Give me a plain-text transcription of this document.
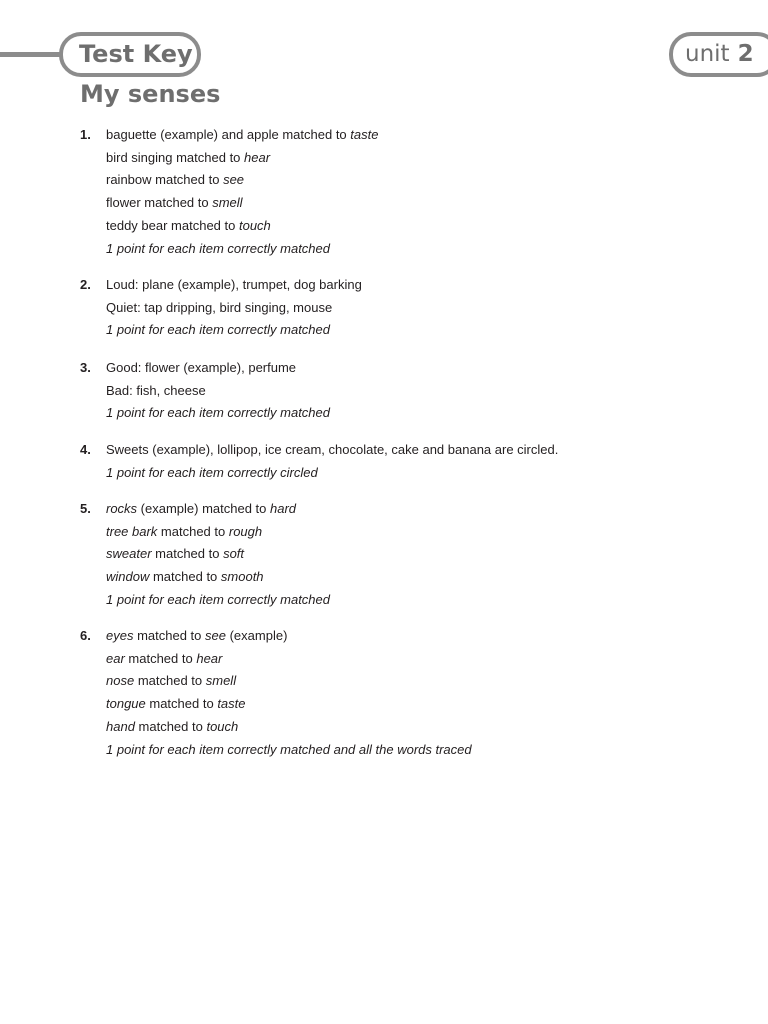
Test Key	unit 2
My senses
1. baguette (example) and apple matched to taste
bird singing matched to hear
rainbow matched to see
flower matched to smell
teddy bear matched to touch
1 point for each item correctly matched
2. Loud: plane (example), trumpet, dog barking
Quiet: tap dripping, bird singing, mouse
1 point for each item correctly matched
3. Good: flower (example), perfume
Bad: fish, cheese
1 point for each item correctly matched
4. Sweets (example), lollipop, ice cream, chocolate, cake and banana are circled.
1 point for each item correctly circled
5. rocks (example) matched to hard
tree bark matched to rough
sweater matched to soft
window matched to smooth
1 point for each item correctly matched
6. eyes matched to see (example)
ear matched to hear
nose matched to smell
tongue matched to taste
hand matched to touch
1 point for each item correctly matched and all the words traced
